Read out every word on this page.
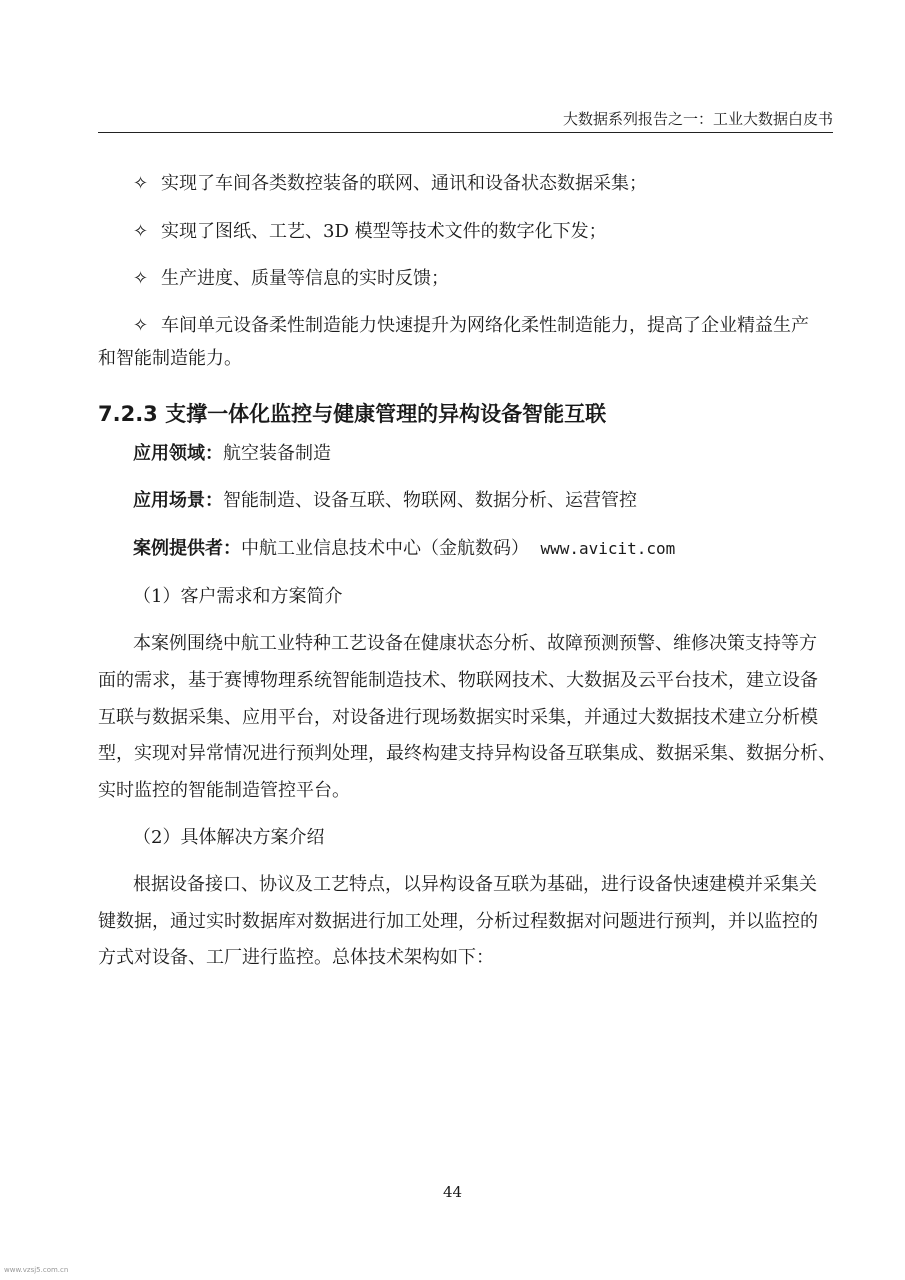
大数据系列报告之一：工业大数据白皮书
✧ 实现了车间各类数控装备的联网、通讯和设备状态数据采集；
✧ 实现了图纸、工艺、3D 模型等技术文件的数字化下发；
✧ 生产进度、质量等信息的实时反馈；
✧ 车间单元设备柔性制造能力快速提升为网络化柔性制造能力，提高了企业精益生产
和智能制造能力。
7.2.3 支撑一体化监控与健康管理的异构设备智能互联
应用领域：航空装备制造
应用场景：智能制造、设备互联、物联网、数据分析、运营管控
案例提供者：中航工业信息技术中心（金航数码） www.avicit.com
（1）客户需求和方案简介
本案例围绕中航工业特种工艺设备在健康状态分析、故障预测预警、维修决策支持等方
面的需求，基于赛博物理系统智能制造技术、物联网技术、大数据及云平台技术，建立设备
互联与数据采集、应用平台，对设备进行现场数据实时采集，并通过大数据技术建立分析模
型，实现对异常情况进行预判处理，最终构建支持异构设备互联集成、数据采集、数据分析、
实时监控的智能制造管控平台。
（2）具体解决方案介绍
根据设备接口、协议及工艺特点，以异构设备互联为基础，进行设备快速建模并采集关
键数据，通过实时数据库对数据进行加工处理，分析过程数据对问题进行预判，并以监控的
方式对设备、工厂进行监控。总体技术架构如下：
44
www.vzsj5.com.cn
